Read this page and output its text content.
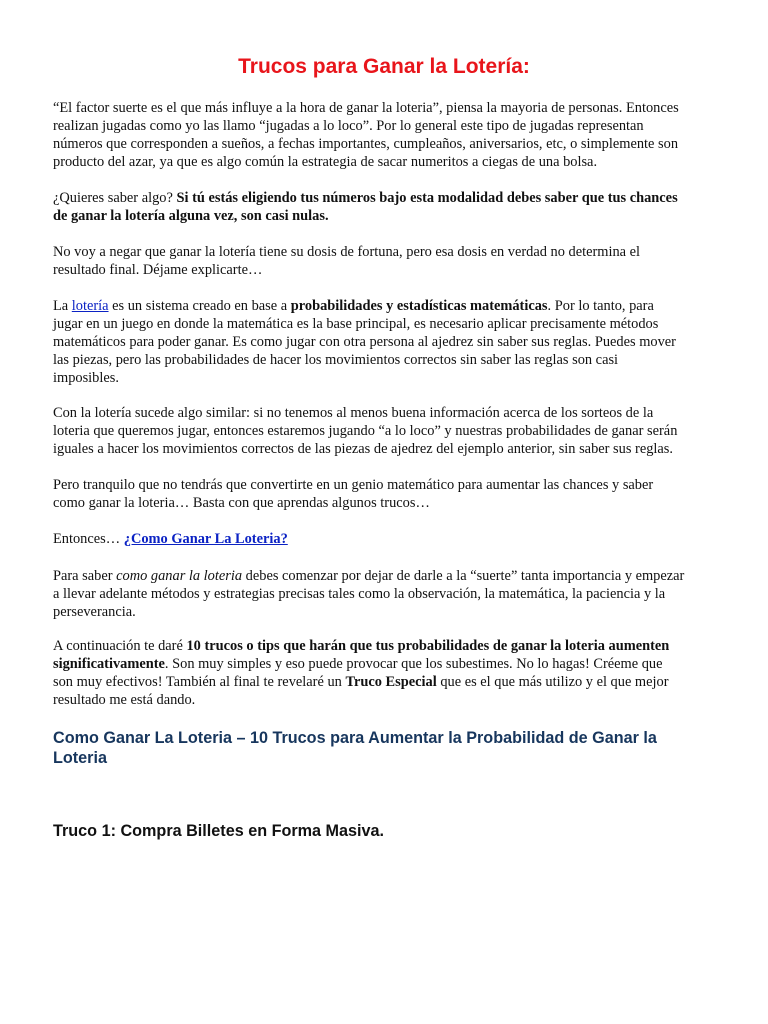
Trucos para Ganar la Lotería:
“El factor suerte es el que más influye a la hora de ganar la loteria”, piensa la mayoria de personas. Entonces
realizan jugadas como yo las llamo “jugadas a lo loco”. Por lo general este tipo de jugadas representan
números que corresponden a sueños, a fechas importantes, cumpleaños, aniversarios, etc, o simplemente son
producto del azar, ya que es algo común la estrategia de sacar numeritos a ciegas de una bolsa.
¿Quieres saber algo? Si tú estás eligiendo tus números bajo esta modalidad debes saber que tus chances
de ganar la lotería alguna vez, son casi nulas.
No voy a negar que ganar la lotería tiene su dosis de fortuna, pero esa dosis en verdad no determina el
resultado final. Déjame explicarte…
La lotería es un sistema creado en base a probabilidades y estadísticas matemáticas. Por lo tanto, para
jugar en un juego en donde la matemática es la base principal, es necesario aplicar precisamente métodos
matemáticos para poder ganar. Es como jugar con otra persona al ajedrez sin saber sus reglas. Puedes mover
las piezas, pero las probabilidades de hacer los movimientos correctos sin saber las reglas son casi
imposibles.
Con la lotería sucede algo similar: si no tenemos al menos buena información acerca de los sorteos de la
loteria que queremos jugar, entonces estaremos jugando “a lo loco” y nuestras probabilidades de ganar serán
iguales a hacer los movimientos correctos de las piezas de ajedrez del ejemplo anterior, sin saber sus reglas.
Pero tranquilo que no tendrás que convertirte en un genio matemático para aumentar las chances y saber
como ganar la loteria… Basta con que aprendas algunos trucos…
Entonces… ¿Como Ganar La Loteria?
Para saber como ganar la loteria debes comenzar por dejar de darle a la “suerte” tanta importancia y empezar
a llevar adelante métodos y estrategias precisas tales como la observación, la matemática, la paciencia y la
perseverancia.
A continuación te daré 10 trucos o tips que harán que tus probabilidades de ganar la loteria aumenten
significativamente. Son muy simples y eso puede provocar que los subestimes. No lo hagas! Créeme que
son muy efectivos! También al final te revelaré un Truco Especial que es el que más utilizo y el que mejor
resultado me está dando.
Como Ganar La Loteria – 10 Trucos para Aumentar la Probabilidad de Ganar la
Loteria
Truco 1: Compra Billetes en Forma Masiva.
